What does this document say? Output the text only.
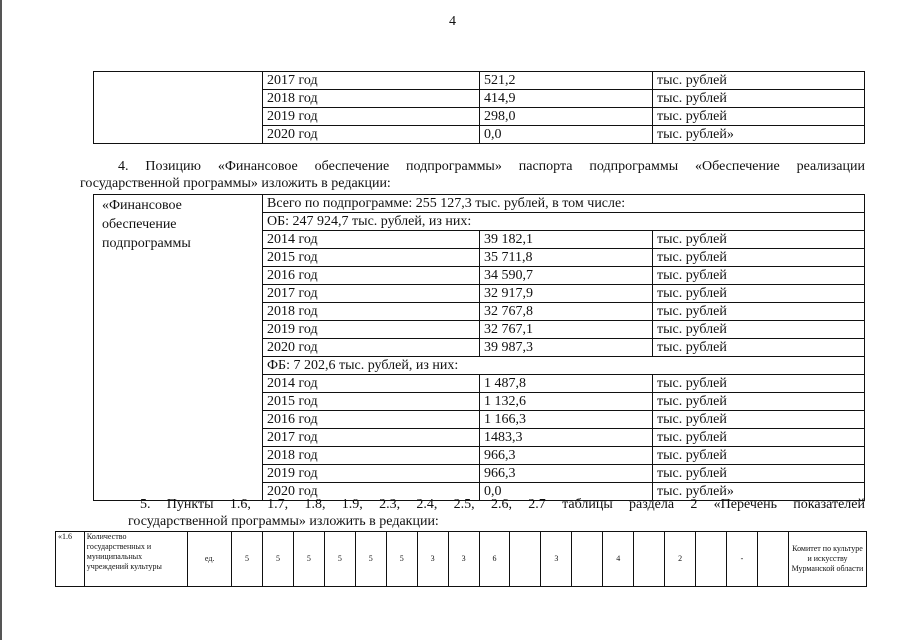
4
	2017 год	521,2	тыс. рублей
	2018 год	414,9	тыс. рублей
	2019 год	298,0	тыс. рублей
	2020 год	0,0	тыс. рублей»
4. Позицию «Финансовое обеспечение подпрограммы» паспорта подпрограммы «Обеспечение реализации
государственной программы» изложить в редакции:
«Финансовое обеспечение подпрограммы	Всего по подпрограмме: 255 127,3 тыс. рублей, в том числе:		
	ОБ: 247 924,7 тыс. рублей, из них:		
	2014 год	39 182,1	тыс. рублей
	2015 год	35 711,8	тыс. рублей
	2016 год	34 590,7	тыс. рублей
	2017 год	32 917,9	тыс. рублей
	2018 год	32 767,8	тыс. рублей
	2019 год	32 767,1	тыс. рублей
	2020 год	39 987,3	тыс. рублей
	ФБ: 7 202,6 тыс. рублей, из них:		
	2014 год	1 487,8	тыс. рублей
	2015 год	1 132,6	тыс. рублей
	2016 год	1 166,3	тыс. рублей
	2017 год	1483,3	тыс. рублей
	2018 год	966,3	тыс. рублей
	2019 год	966,3	тыс. рублей
	2020 год	0,0	тыс. рублей»
5. Пункты 1.6, 1.7, 1.8, 1.9, 2.3, 2.4, 2.5, 2.6, 2.7 таблицы раздела 2 «Перечень показателей
государственной программы» изложить в редакции:
«1.6	Количество государственных и муниципальных учреждений культуры	ед.	5	5	5	5	5	5	3	3	6		3		4		2		-		Комитет по культуре и искусству Мурманской области
